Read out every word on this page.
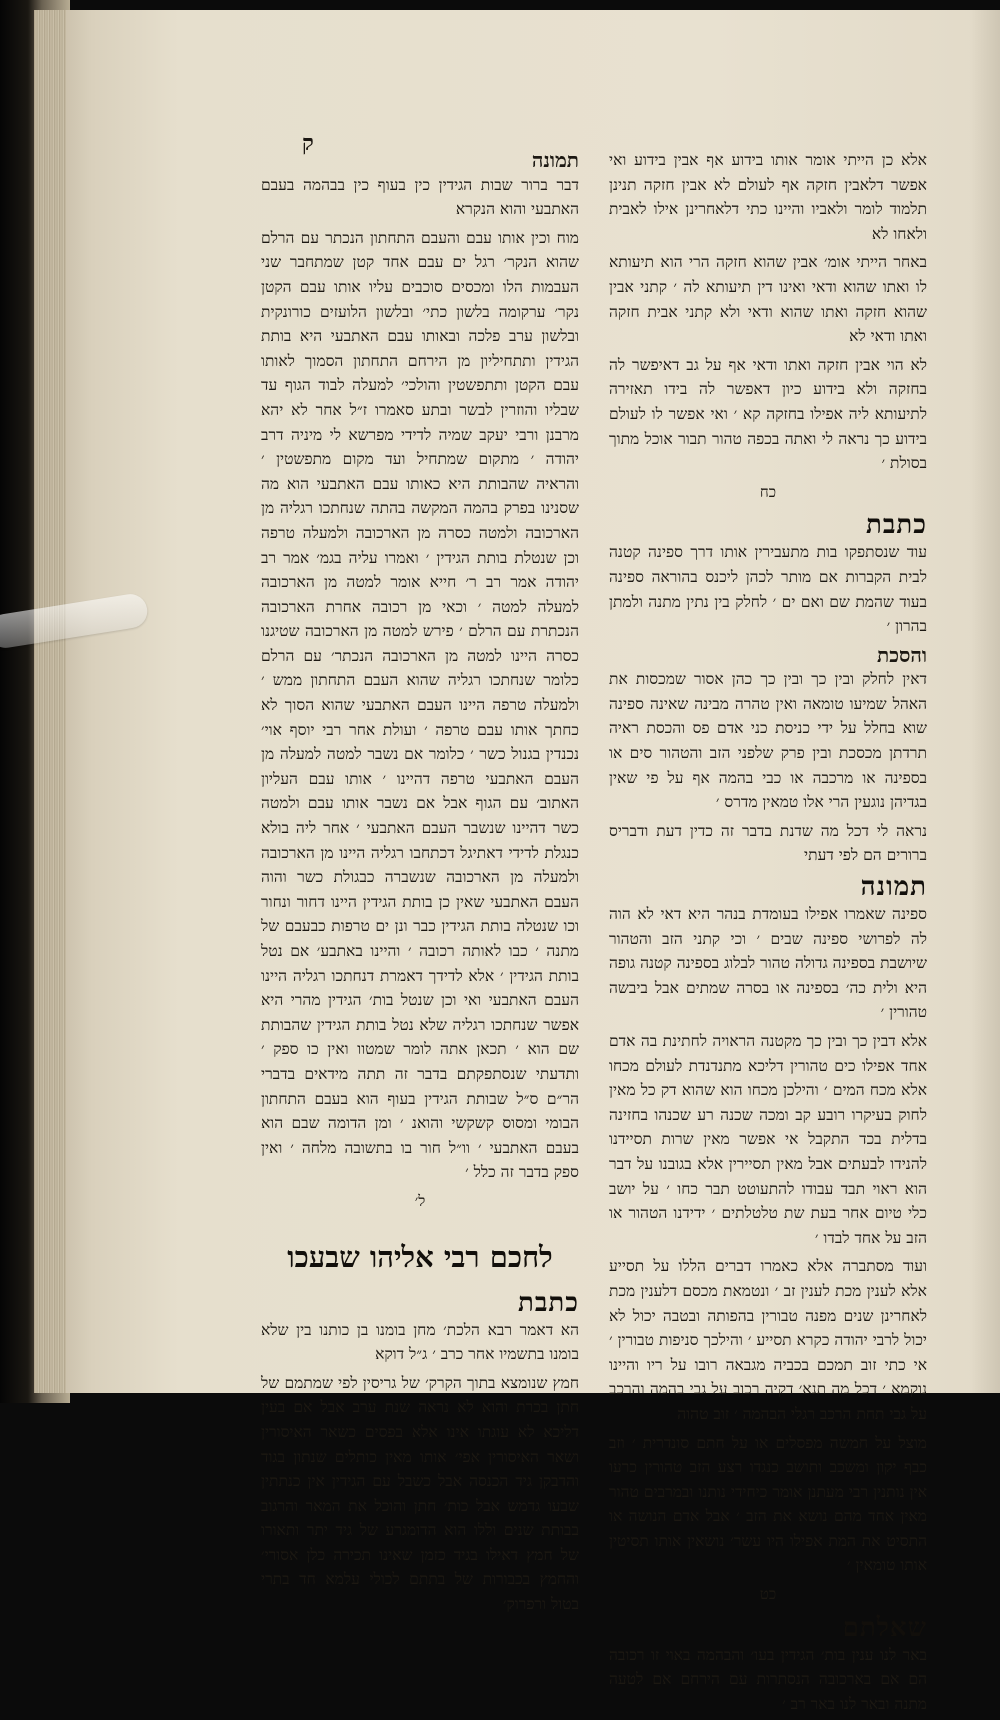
ק

אלא כן הייתי אומר אותו בידוע אף אבין בידוע ואי אפשר דלאבין חזקה אף לעולם לא אבין חזקה תנינן תלמוד לומר ולאביו והיינו כתי דלאחרינן אילו לאבית ולאחו לא

באחר הייתי אומ׳ אבין שהוא חזקה הרי הוא תיעותא לו ואתו שהוא ודאי ואינו דין תיעותא לה ׳ קתני אבין שהוא חזקה ואתו שהוא ודאי ולא קתני אבית חזקה ואתו ודאי לא

לא הוי אבין חזקה ואתו ודאי אף על גב דאיפשר לה בחזקה ולא בידוע כיון דאפשר לה בידו תאזירה לתיעותא ליה אפילו בחזקה קא ׳ ואי אפשר לו לעולם בידוע כך נראה לי ואתה בכפה טהור תבור אוכל מתוך בסולת ׳

כח
כתבת

עוד שנסתפקו בות מתעבירין אותו דרך ספינה קטנה לבית הקברות אם מותר לכהן ליכנס בהוראה ספינה בעוד שהמת שם ואם ים ׳ לחלק בין נתין מתנה ולמתן בהרון ׳

והסכת

דאין לחלק ובין כך ובין כך כהן אסור שמכסות את האהל שמיעו טומאה ואין טהרה מבינה שאינה ספינה שוא בחלל על ידי כניסת כני אדם פס והכסת ראיה תרדתן מכסכת ובין פרק שלפני הזב והטהור סים או בספינה או מרכבה או כבי בהמה אף על פי שאין בגדיהן נוגעין הרי אלו טמאין מדרס ׳

נראה לי דכל מה שדנת בדבר זה כדין דעת ודבריס ברורים הם לפי דעתי

תמונה

ספינה שאמרו אפילו בעומדת בנהר היא דאי לא הוה לה לפרושי ספינה שבים ׳ וכי קתני הזב והטהור שיושבת בספינה גדולה טהור לבלוג בספינה קטנה גופה היא ולית כה׳ בספינה או בסרה שמתים אבל ביבשה טהורין ׳

אלא דבין כך ובין כך מקטנה הראויה לחתינת בה אדם אחד אפילו כים טהורין דליכא מתנדנדת לעולם מכחו אלא מכח המים ׳ והילכן מכחו הוא שהוא דק כל מאין לחוק בעיקרו רובע קב ומכה שכנה רע שכנהו בחזינה בדלית בכד התקבל אי אפשר מאין שרות תסיידנו להנידו לבעתים אבל מאין תסיירין אלא בגובנו על דבר הוא ראוי תבד עבודו להתעוטט תבר כחו ׳ על יושב כלי טיום אחר בעת שת טלטלתים ׳ ידידנו הטהור או הזב על אחד לבדו ׳

ועוד מסתברה אלא כאמרו דברים הללו על תסייע אלא לענין מכת לענין זב ׳ ונטמאת מכסם דלענין מכת לאחרינן שנים מפנה טבורין בהפותה ובטבה יכול לא יכול לרבי יהודה כקרא תסייע ׳ והילכך סניפות טבורין ׳ אי כתי זוב תמכם בכביה מגבאה רובו על ריו והיינו נוקמא ׳ דכל מה תנא׳ דקיה רכוב על גבי בהמה והרכב על גבי תחת הרכב רגלי הבהמה ׳ זוב טהוה

מוצל על חמשה מפסלים או על חתם סונדרית ׳ וזב כבף יקון ומשכב ותושב כנגדו רצע הזב טהורין כרעו אין נותנין רבי מעתנן אומר כיחידי נותנו ובמרבים טהור מאין אחד מהם נושא את הזב ׳ אבל אדם הנושה או התסיט את המת אפילו היו עשר׳ נושאין אותו תסיטין אותו טומאין ׳

כט
שאלתם

באר לנו ענין בות׳ הגידין בעו׳ והבהמה באוי זו רכובה הם אם בארכובה הנסתרות עם הירחם אם לטעה מתנה ובאר לנו באר רב ׳

תמונה

דבר ברור שבות הגידין כין בעוף כין בבהמה בעבם האתבעי והוא הנקרא

מוח וכין אותו עבם והעבם התחתון הנכתר עם הרלם שהוא הנקר׳ רגל ים עבם אחד קטן שמתחבר שני העבמות הלו ומכסים סוכבים עליו אותו עבם הקטן נקר׳ ערקומה בלשון כתי׳ ובלשון הלועזים כורונקית ובלשון ערב פלכה ובאותו עבם האתבעי היא בותת הגידין ותתחיליון מן הירחם התחתון הסמוך לאותו עבם הקטן ותתפשטין והולכי׳ למעלה לבוד הגוף עד שבליו והוזרין לבשר ובתע סאמרו ז״ל אחר לא יהא מרבנן ורבי יעקב שמיה לדידי מפרשא לי מיניה דרב יהודה ׳ מתקום שמתחיל ועד מקום מתפשטין ׳ והראיה שהבותת היא כאותו עבם האתבעי הוא מה שסנינו בפרק בהמה המקשה בהתה שנחתכו רגליה מן הארכובה ולמטה כסרה מן הארכובה ולמעלה טרפה וכן שנטלת בותת הגידין ׳ ואמרו עליה בגמ׳ אמר רב יהודה אמר רב ר׳ חייא אומר למטה מן הארכובה למעלה למטה ׳ וכאי מן רכובה אחרת הארכובה הנכתרת עם הרלם ׳ פירש למטה מן הארכובה שטיגנו כסרה היינו למטה מן הארכובה הנכתר׳ עם הרלם כלומר שנחתכו רגליה שהוא העבם התחתון ממש ׳ ולמעלה טרפה היינו העבם האתבעי שהוא הסוך לא כחתך אותו עבם טרפה ׳ ועולת אחר רבי יוסף אוי׳ נכנדין בגנול כשר ׳ כלומר אם נשבר למטה למעלה מן העבם האתבעי טרפה דהיינו ׳ אותו עבם העליון האתוב׳ עם הגוף אבל אם נשבר אותו עבם ולמטה כשר דהיינו שנשבר העבם האתבעי ׳ אחר ליה בולא כנגלת לדידי דאתיגל דכתחבו רגליה היינו מן הארכובה ולמעלה מן הארכובה שנשברה כבגולת כשר והוה העבם האתבעי שאין כן בותת הגידין היינו דחור ונחור וכו שנטלה בותת הגידין כבר ונן ים טרפות כבעבם של מתנה ׳ כבו לאותה רכובה ׳ והיינו באתבע׳ אם נטל בותת הגידין ׳ אלא לדידך דאמרת דנחתכו רגליה היינו העבם האתבעי ואי וכן שנטל בות׳ הגידין מהרי היא אפשר שנחתכו רגליה שלא נטל בותת הגידין שהבותת שם הוא ׳ תכאן אתה לומר שמטוו ואין כו ספק ׳ ותדעתי שנסתפקתם בדבר זה תתה מידאים בדברי הר״ם ס״ל שבותת הגידין בעוף הוא בעבם התחתון הבומי ומסוס קשקשי והואנ ׳ ומן הדומה שבם הוא בעבם האתבעי ׳ וו״ל חור בו בתשובה מלחה ׳ ואין ספק בדבר זה כלל ׳

ל׳
לחכם רבי אליהו שבעכו
כתבת

הא דאמר רבא הלכת׳ מחן בומנו בן כותנו בין שלא בומנו בתשמיו אחר כרב ׳ ג״ל דוקא

חמץ שנומצא בתוך הקרק׳ של גריסין לפי שמתמם של חתן בכרת והוא לא נראה שנת ערב אבל אם בעין דליכא לא עוגתו אינו אלא בפסים כשאר האיסורין ושאר האיסורין אפי׳ אותו מאין כותלים שנתון בגוד והדבקן גיד הכנסה אבל כשבל עם הגידין אין כנתתין שבעו גדמש אבל כות׳ חתן והוכל את המאר והרגוב בבותת שנים וללו הוא הדומגרע של גיד יתר ותאורו של חמץ דאילו בגיד כזמן שאינו תכירה כלן אסורי׳ והחמץ בכבורות של בתתם לכולי עלמא חד בתרי בטול ורפרוק׳
